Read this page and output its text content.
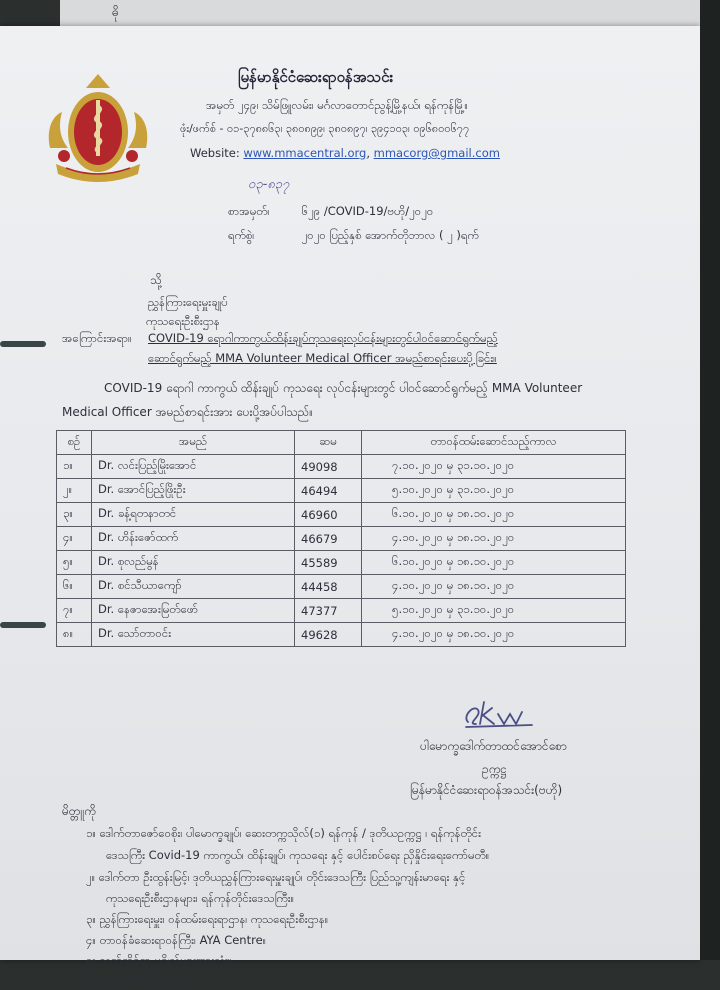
ဓို
မြန်မာနိုင်ငံဆေးရာဝန်အသင်း
အမှတ် ၂၄၉၊ သိမ်ဖြူလမ်း၊ မင်္ဂလာတောင်ညွန့်မြို့နယ်၊ ရန်ကုန်မြို့။
ဖုံး/ဖက်စ် - ၀၁-၃၇၈၈၆၃၊ ၃၈၀၈၉၉၊ ၃၈၀၈၉၇၊ ၃၉၄၁၀၃၊ ၀၉၆၈၀၀၆၇၇
Website: www.mmacentral.org, mmacorg@gmail.com
၀၃-၈၃၇
စာအမှတ်၊	၆၂၉ /COVID-19/ဗဟို/၂၀၂၀
ရက်စွဲ၊	၂၀၂၀ ပြည့်နှစ် အောက်တိုဘာလ ( ၂ )ရက်
သို့
ညွှန်ကြားရေးမှူးချုပ်
ကုသရေးဦးစီးဌာန
အကြောင်းအရာ။ COVID-19 ရောဂါကာကွယ်ထိန်းချုပ်ကုသရေးလုပ်ငန်းများတွင်ပါဝင်ဆောင်ရွက်မည့်
ဆောင်ရွက်မည့် MMA Volunteer Medical Officer အမည်စာရင်းပေးပို့ခြင်း။
COVID-19 ရောဂါ ကာကွယ် ထိန်းချုပ် ကုသရေး လုပ်ငန်းများတွင် ပါဝင်ဆောင်ရွက်မည့် MMA Volunteer
Medical Officer အမည်စာရင်းအား ပေးပို့အပ်ပါသည်။
စဉ်	အမည်	ဆမ	တာဝန်ထမ်းဆောင်သည့်ကာလ
၁။	Dr. လင်းပြည့်မြိုးအောင်	49098	၇.၁၀.၂၀၂၀ မှ ၃၁.၁၀.၂၀၂၀
၂။	Dr. အောင်ပြည့်ဖြိုးဦး	46494	၅.၁၀.၂၀၂၀ မှ ၃၁.၁၀.၂၀၂၀
၃။	Dr. ခန့်ရတနာတင်	46960	၆.၁၀.၂၀၂၀ မှ ၁၈.၁၀.၂၀၂၀
၄။	Dr. ဟိန်းဇော်ထက်	46679	၄.၁၀.၂၀၂၀ မှ ၁၈.၁၀.၂၀၂၀
၅။	Dr. စုလည်မွန်	45589	၆.၁၀.၂၀၂၀ မှ ၁၈.၁၀.၂၀၂၀
၆။	Dr. စင်သီယာကျော်	44458	၄.၁၀.၂၀၂၀ မှ ၁၈.၁၀.၂၀၂၀
၇။	Dr. နေဇာအေးမြတ်ဖော်	47377	၅.၁၀.၂၀၂၀ မှ ၃၁.၁၀.၂၀၂၀
၈။	Dr. သော်တာဝင်း	49628	၄.၁၀.၂၀၂၀ မှ ၁၈.၁၀.၂၀၂၀
ပါမောက္ခဒေါက်တာထင်အောင်စော
ဥက္ကဋ္ဌ
မြန်မာနိုင်ငံဆေးရာဝန်အသင်း(ဗဟို)
မိတ္တူကို
၁။ ဒေါက်တာဇော်ဝေစိုး၊ ပါမောက္ခချုပ်၊ ဆေးတက္ကသိုလ်(၁) ရန်ကုန် / ဒုတိယဥက္ကဋ္ဌ ၊ ရန်ကုန်တိုင်း
ဒေသကြီး Covid-19 ကာကွယ်၊ ထိန်းချုပ်၊ ကုသရေး နှင့် ပေါင်းစပ်ရေး ညှိနှိုင်းရေးကော်မတီ။
၂။ ဒေါက်တာ ဦးထွန်းမြင့်၊ ဒုတိယညွှန်ကြားရေးမှူးချုပ်၊ တိုင်းဒေသကြီး ပြည်သူ့ကျန်းမာရေး နှင့်
ကုသရေးဦးစီးဌာနများ၊ ရန်ကုန်တိုင်းဒေသကြီး။
၃။ ညွှန်ကြားရေးမှူး၊ ဝန်ထမ်းရေးရာဌာန၊ ကုသရေးဦးစီးဌာန။
၄။ တာဝန်ခံဆေးရာဝန်ကြီး၊ AYA Centre။
၅။ သက်ဆိုင်ရာ ပုဂ္ဂိုလ်များအားလုံး။
၆။ ရုံးလက်ခံ/မျှောစာတွဲ
